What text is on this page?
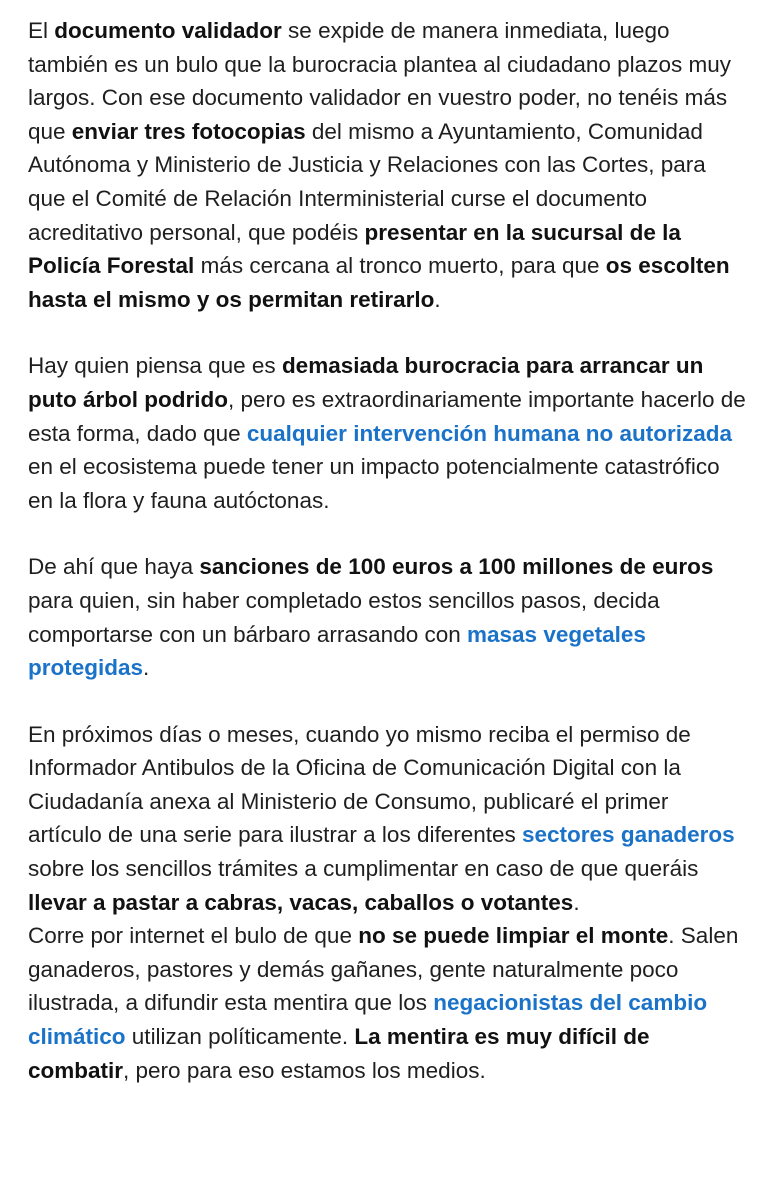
El documento validador se expide de manera inmediata, luego también es un bulo que la burocracia plantea al ciudadano plazos muy largos. Con ese documento validador en vuestro poder, no tenéis más que enviar tres fotocopias del mismo a Ayuntamiento, Comunidad Autónoma y Ministerio de Justicia y Relaciones con las Cortes, para que el Comité de Relación Interministerial curse el documento acreditativo personal, que podéis presentar en la sucursal de la Policía Forestal más cercana al tronco muerto, para que os escolten hasta el mismo y os permitan retirarlo.

Hay quien piensa que es demasiada burocracia para arrancar un puto árbol podrido, pero es extraordinariamente importante hacerlo de esta forma, dado que cualquier intervención humana no autorizada en el ecosistema puede tener un impacto potencialmente catastrófico en la flora y fauna autóctonas.

De ahí que haya sanciones de 100 euros a 100 millones de euros para quien, sin haber completado estos sencillos pasos, decida comportarse con un bárbaro arrasando con masas vegetales protegidas.

En próximos días o meses, cuando yo mismo reciba el permiso de Informador Antibulos de la Oficina de Comunicación Digital con la Ciudadanía anexa al Ministerio de Consumo, publicaré el primer artículo de una serie para ilustrar a los diferentes sectores ganaderos sobre los sencillos trámites a cumplimentar en caso de que queráis llevar a pastar a cabras, vacas, caballos o votantes.

Corre por internet el bulo de que no se puede limpiar el monte. Salen ganaderos, pastores y demás gañanes, gente naturalmente poco ilustrada, a difundir esta mentira que los negacionistas del cambio climático utilizan políticamente. La mentira es muy difícil de combatir, pero para eso estamos los medios.
